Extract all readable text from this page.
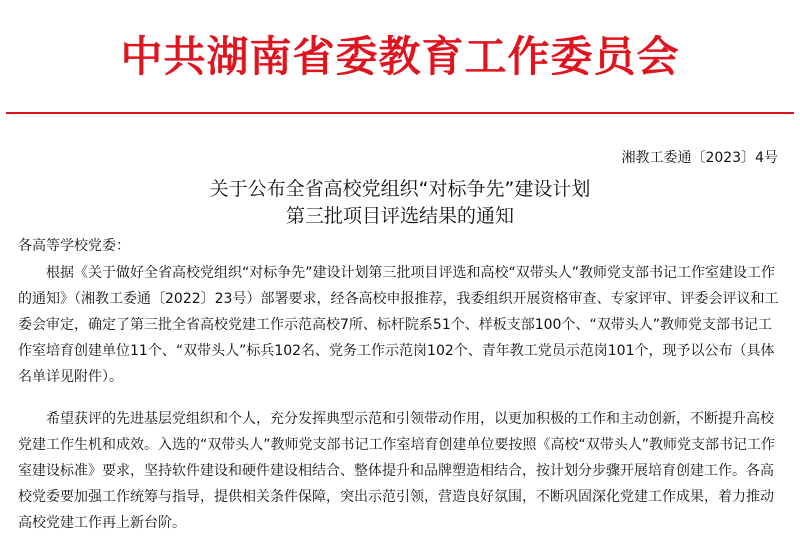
中共湖南省委教育工作委员会
湘教工委通〔2023〕4号
关于公布全省高校党组织“对标争先”建设计划
第三批项目评选结果的通知
各高等学校党委：

根据《关于做好全省高校党组织“对标争先”建设计划第三批项目评选和高校“双带头人”教师党支部书记工作室建设工作的通知》（湘教工委通〔2022〕23号）部署要求，经各高校申报推荐，我委组织开展资格审查、专家评审、评委会评议和工委会审定，确定了第三批全省高校党建工作示范高校7所、标杆院系51个、样板支部100个、“双带头人”教师党支部书记工作室培育创建单位11个、“双带头人”标兵102名、党务工作示范岗102个、青年教工党员示范岗101个，现予以公布（具体名单详见附件）。

希望获评的先进基层党组织和个人，充分发挥典型示范和引领带动作用，以更加积极的工作和主动创新，不断提升高校党建工作生机和成效。入选的“双带头人”教师党支部书记工作室培育创建单位要按照《高校“双带头人”教师党支部书记工作室建设标准》要求，坚持软件建设和硬件建设相结合、整体提升和品牌塑造相结合，按计划分步骤开展培育创建工作。各高校党委要加强工作统筹与指导，提供相关条件保障，突出示范引领，营造良好氛围，不断巩固深化党建工作成果，着力推动高校党建工作再上新台阶。
